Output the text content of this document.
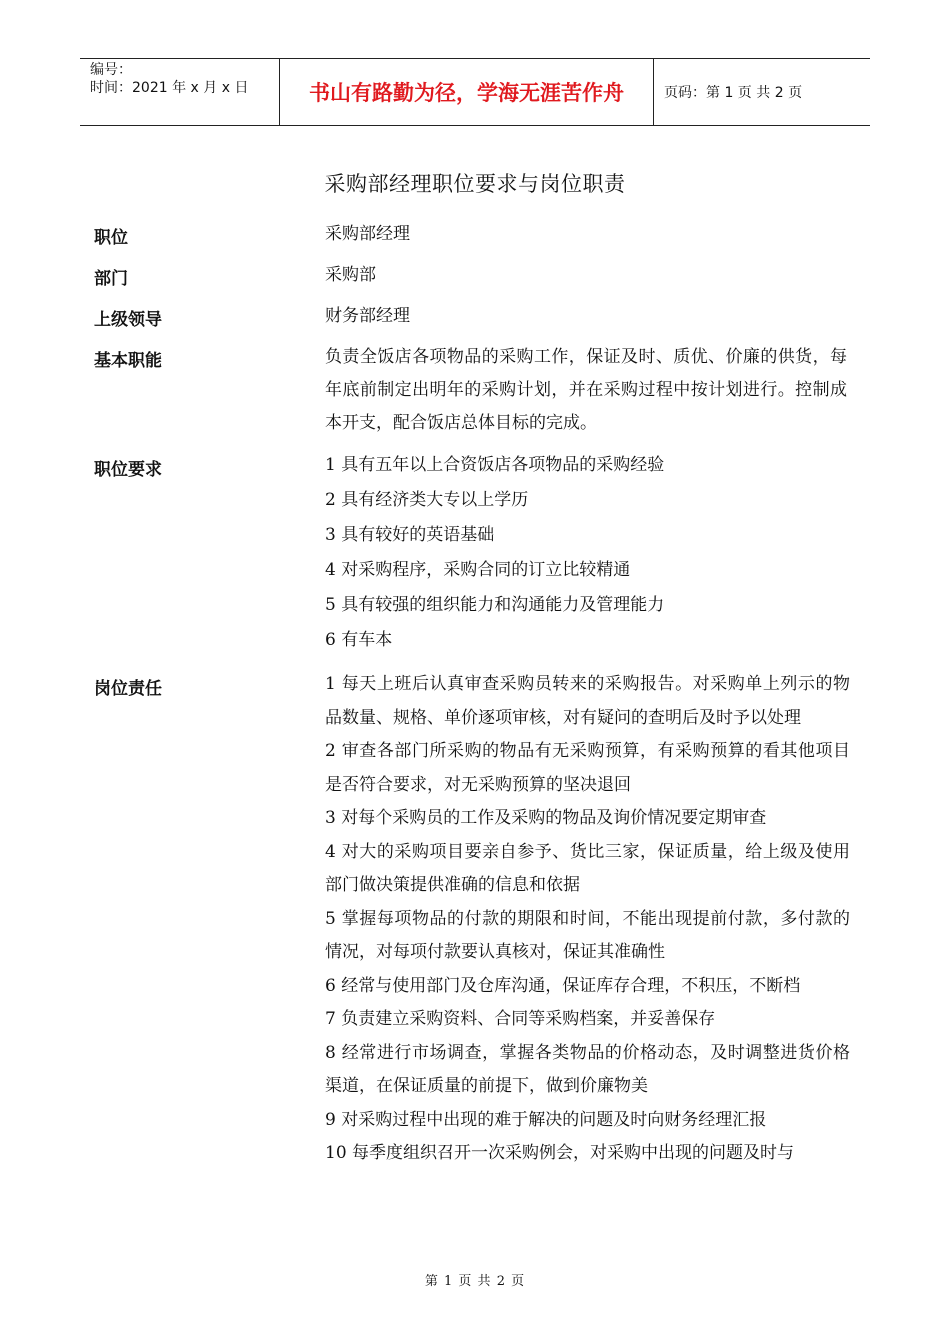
编号：
时间：2021 年 x 月 x 日	书山有路勤为径，学海无涯苦作舟	页码：第 1 页 共 2 页
采购部经理职位要求与岗位职责
职位	采购部经理
部门	采购部
上级领导	财务部经理
基本职能	负责全饭店各项物品的采购工作，保证及时、质优、价廉的供货，每年底前制定出明年的采购计划，并在采购过程中按计划进行。控制成本开支，配合饭店总体目标的完成。
职位要求	1 具有五年以上合资饭店各项物品的采购经验
2 具有经济类大专以上学历
3 具有较好的英语基础
4 对采购程序，采购合同的订立比较精通
5 具有较强的组织能力和沟通能力及管理能力
6 有车本
岗位责任	1 每天上班后认真审查采购员转来的采购报告。对采购单上列示的物品数量、规格、单价逐项审核，对有疑问的查明后及时予以处理
2 审查各部门所采购的物品有无采购预算，有采购预算的看其他项目是否符合要求，对无采购预算的坚决退回
3 对每个采购员的工作及采购的物品及询价情况要定期审查
4 对大的采购项目要亲自参予、货比三家，保证质量，给上级及使用部门做决策提供准确的信息和依据
5 掌握每项物品的付款的期限和时间，不能出现提前付款，多付款的情况，对每项付款要认真核对，保证其准确性
6 经常与使用部门及仓库沟通，保证库存合理，不积压，不断档
7 负责建立采购资料、合同等采购档案，并妥善保存
8 经常进行市场调查，掌握各类物品的价格动态，及时调整进货价格渠道，在保证质量的前提下，做到价廉物美
9 对采购过程中出现的难于解决的问题及时向财务经理汇报
10 每季度组织召开一次采购例会，对采购中出现的问题及时与
第 1 页 共 2 页
